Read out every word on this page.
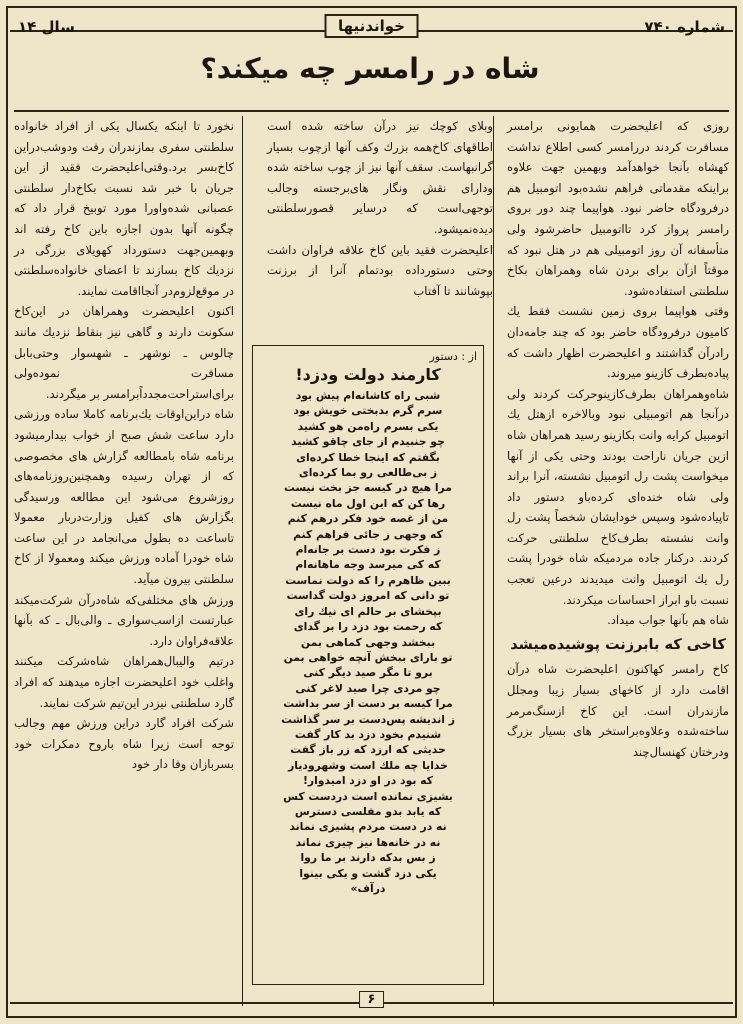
شماره ۷۴۰
خواندنیها
سال ۱۴
شاه در رامسر چه میکند؟

روزی که اعلیحضرت همایونی برامسر مسافرت کردند دررامسر کسی اطلاع نداشت کهشاه بآنجا خواهدآمد وبهمین جهت علاوه براینکه مقدماتی فراهم نشده‌بود اتومبیل هم درفرودگاه حاضر نبود. هواپیما چند دور بروی رامسر پرواز کرد تااتومبیل حاضرشود ولی متأسفانه آن روز اتومبیلی هم در هتل نبود که موقتاً ازآن برای بردن شاه وهمراهان بکاخ سلطنتی استفاده‌شود.

وقتی هواپیما بروی زمین نشست فقط یك کامیون درفرودگاه حاضر بود که چند جامه‌دان رادرآن گذاشتند و اعلیحضرت اظهار داشت که پیاده‌بطرف کازینو میروند.

شاه‌وهمراهان بطرف‌کازینوحرکت کردند ولی درآنجا هم اتومبیلی نبود وبالاخره ازهتل یك اتومبیل کرایه وانت بکازینو رسید همراهان شاه ازین جریان ناراحت بودند وحتی یکی از آنها میخواست پشت رل اتومبیل نشسته، آنرا براند ولی شاه خنده‌ای کرده‌باو دستور داد تاپیاده‌شود وسپس خودایشان شخصاً پشت رل وانت نشسته بطرف‌کاخ سلطنتی حرکت کردند. درکنار جاده مردمیکه شاه خودرا پشت رل یك اتومبیل وانت میدیدند درعین تعجب نسبت باو ابراز احساسات میکردند.

شاه هم بآنها جواب میداد.

کاخی که بابرزنت پوشیده‌میشد

کاخ رامسر کهاکنون اعلیحضرت شاه درآن اقامت دارد از کاخهای بسیار زیبا ومجلل مازندران است. این کاخ ازسنگ‌مرمر ساخته‌شده وعلاوه‌براستخر های بسیار بزرگ ودرختان کهنسال‌چند

وبلای کوچك نیز درآن ساخته شده است اطاقهای کاخ‌همه بزرك وکف آنها ازچوب بسیار گرانبهاست. سقف آنها نیز از چوب ساخته شده ودارای نقش ونگار های‌برجسته وجالب توجهی‌است که درسایر قصورسلطنتی دیده‌نمیشود.

اعلیحضرت فقید باین کاخ علاقه فراوان داشت وحتی دستورداده بودتمام آنرا از برزنت بپوشانند تا آفتاب

از : دستور
کارمند دولت ودزد!
شبی راه کاشانه‌ام پیش بود
سرم گرم بدبختی خویش بود
یکی بسرم راه‌من هو کشید
چو جنبیدم از جای چاقو کشید
بگفتم که اینجا خطا کرده‌ای
ز بی‌طالعی رو بما کرده‌ای
مرا هیچ در کیسه جز بخت نیست
رها کن که این اول ماه نیست
من از غصه خود فکر درهم کنم
که وجهی ز جائی فراهم کنم
ز فکرت بود دست بر جانه‌ام
که کی میرسد وجه ماهانه‌ام
ببین ظاهرم را که دولت نماست
تو دانی که امروز دولت گداست
بپخشای بر حالم ای نیك رای
که رحمت بود دزد را بر گدای
ببخشد وجهی کماهی بمن
تو بارای ببخش آنچه خواهی بمن
برو تا مگر صید دیگر کنی
چو مردی چرا صید لاغر کنی
مرا کیسه بر دست از سر بداشت
ز اندیشه پس‌دست بر سر گذاشت
شنیدم بخود دزد بد کار گفت
حدیثی که ارزد که زر باز گفت
خدایا چه ملك است وشهرودیار
که بود در او دزد امیدوار!
بشیزی نمانده است دردست کس
که یابد بدو مفلسی دسترس
نه در دست مردم پشیزی نماند
نه در خانه‌ها نیز چیزی نماند
ز بس بدکه دارند بر ما روا
یکی دزد گشت و یکی بینوا
درآف»

نخورد تا اینکه یکسال یکی از افراد خانواده سلطنتی سفری بمازندران رفت ودوشب‌دراین کاخ‌بسر برد.وقتی‌اعلیحضرت فقید از این جریان با خبر شد نسبت بکاخ‌دار سلطنتی عصبانی شده‌واورا مورد توبیخ قرار داد که چگونه آنها بدون اجازه باین کاخ رفته اند وبهمین‌جهت دستورداد کهویلای بزرگی در نزدیك کاخ بسازند تا اعضای خانواده‌سلطنتی در موقع‌لزوم‌در آنجااقامت نمایند.

اکنون اعلیحضرت وهمراهان در این‌کاخ سکونت دارند و گاهی نیز بنقاط نزدیك مانند چالوس ـ نوشهر ـ شهسوار وحتی‌بابل مسافرت نموده‌ولی برای‌استراحت‌مجدداً‌برامسر بر میگردند.

شاه دراین‌اوقات یك‌برنامه کاملا ساده ورزشی دارد ساعت شش صبح از خواب بیدارمیشود برنامه شاه بامطالعه گزارش های مخصوصی که از تهران رسیده وهمچنین‌روزنامه‌های روزشروع می‌شود این مطالعه ورسیدگی بگزارش های کفیل وزارت‌دربار معمولا تاساعت ده بطول می‌انجامد در این ساعت شاه خودرا آماده ورزش میکند ومعمولا از کاخ سلطنتی بیرون میآید.

ورزش های مختلفی‌که شاه‌درآن شرکت‌میکند عبارتست ازاسب‌سواری ـ والی‌بال ـ که بآنها علاقه‌فراوان دارد.

درتیم والیبال‌همراهان شاه‌شرکت میکنند واغلب خود اعلیحضرت اجازه میدهند که افراد گارد سلطنتی نیزدر این‌تیم شرکت نمایند.

شرکت افراد گارد دراین ورزش مهم وجالب توجه است زیرا شاه باروح دمکرات خود بسربازان وفا دار خود

۶
